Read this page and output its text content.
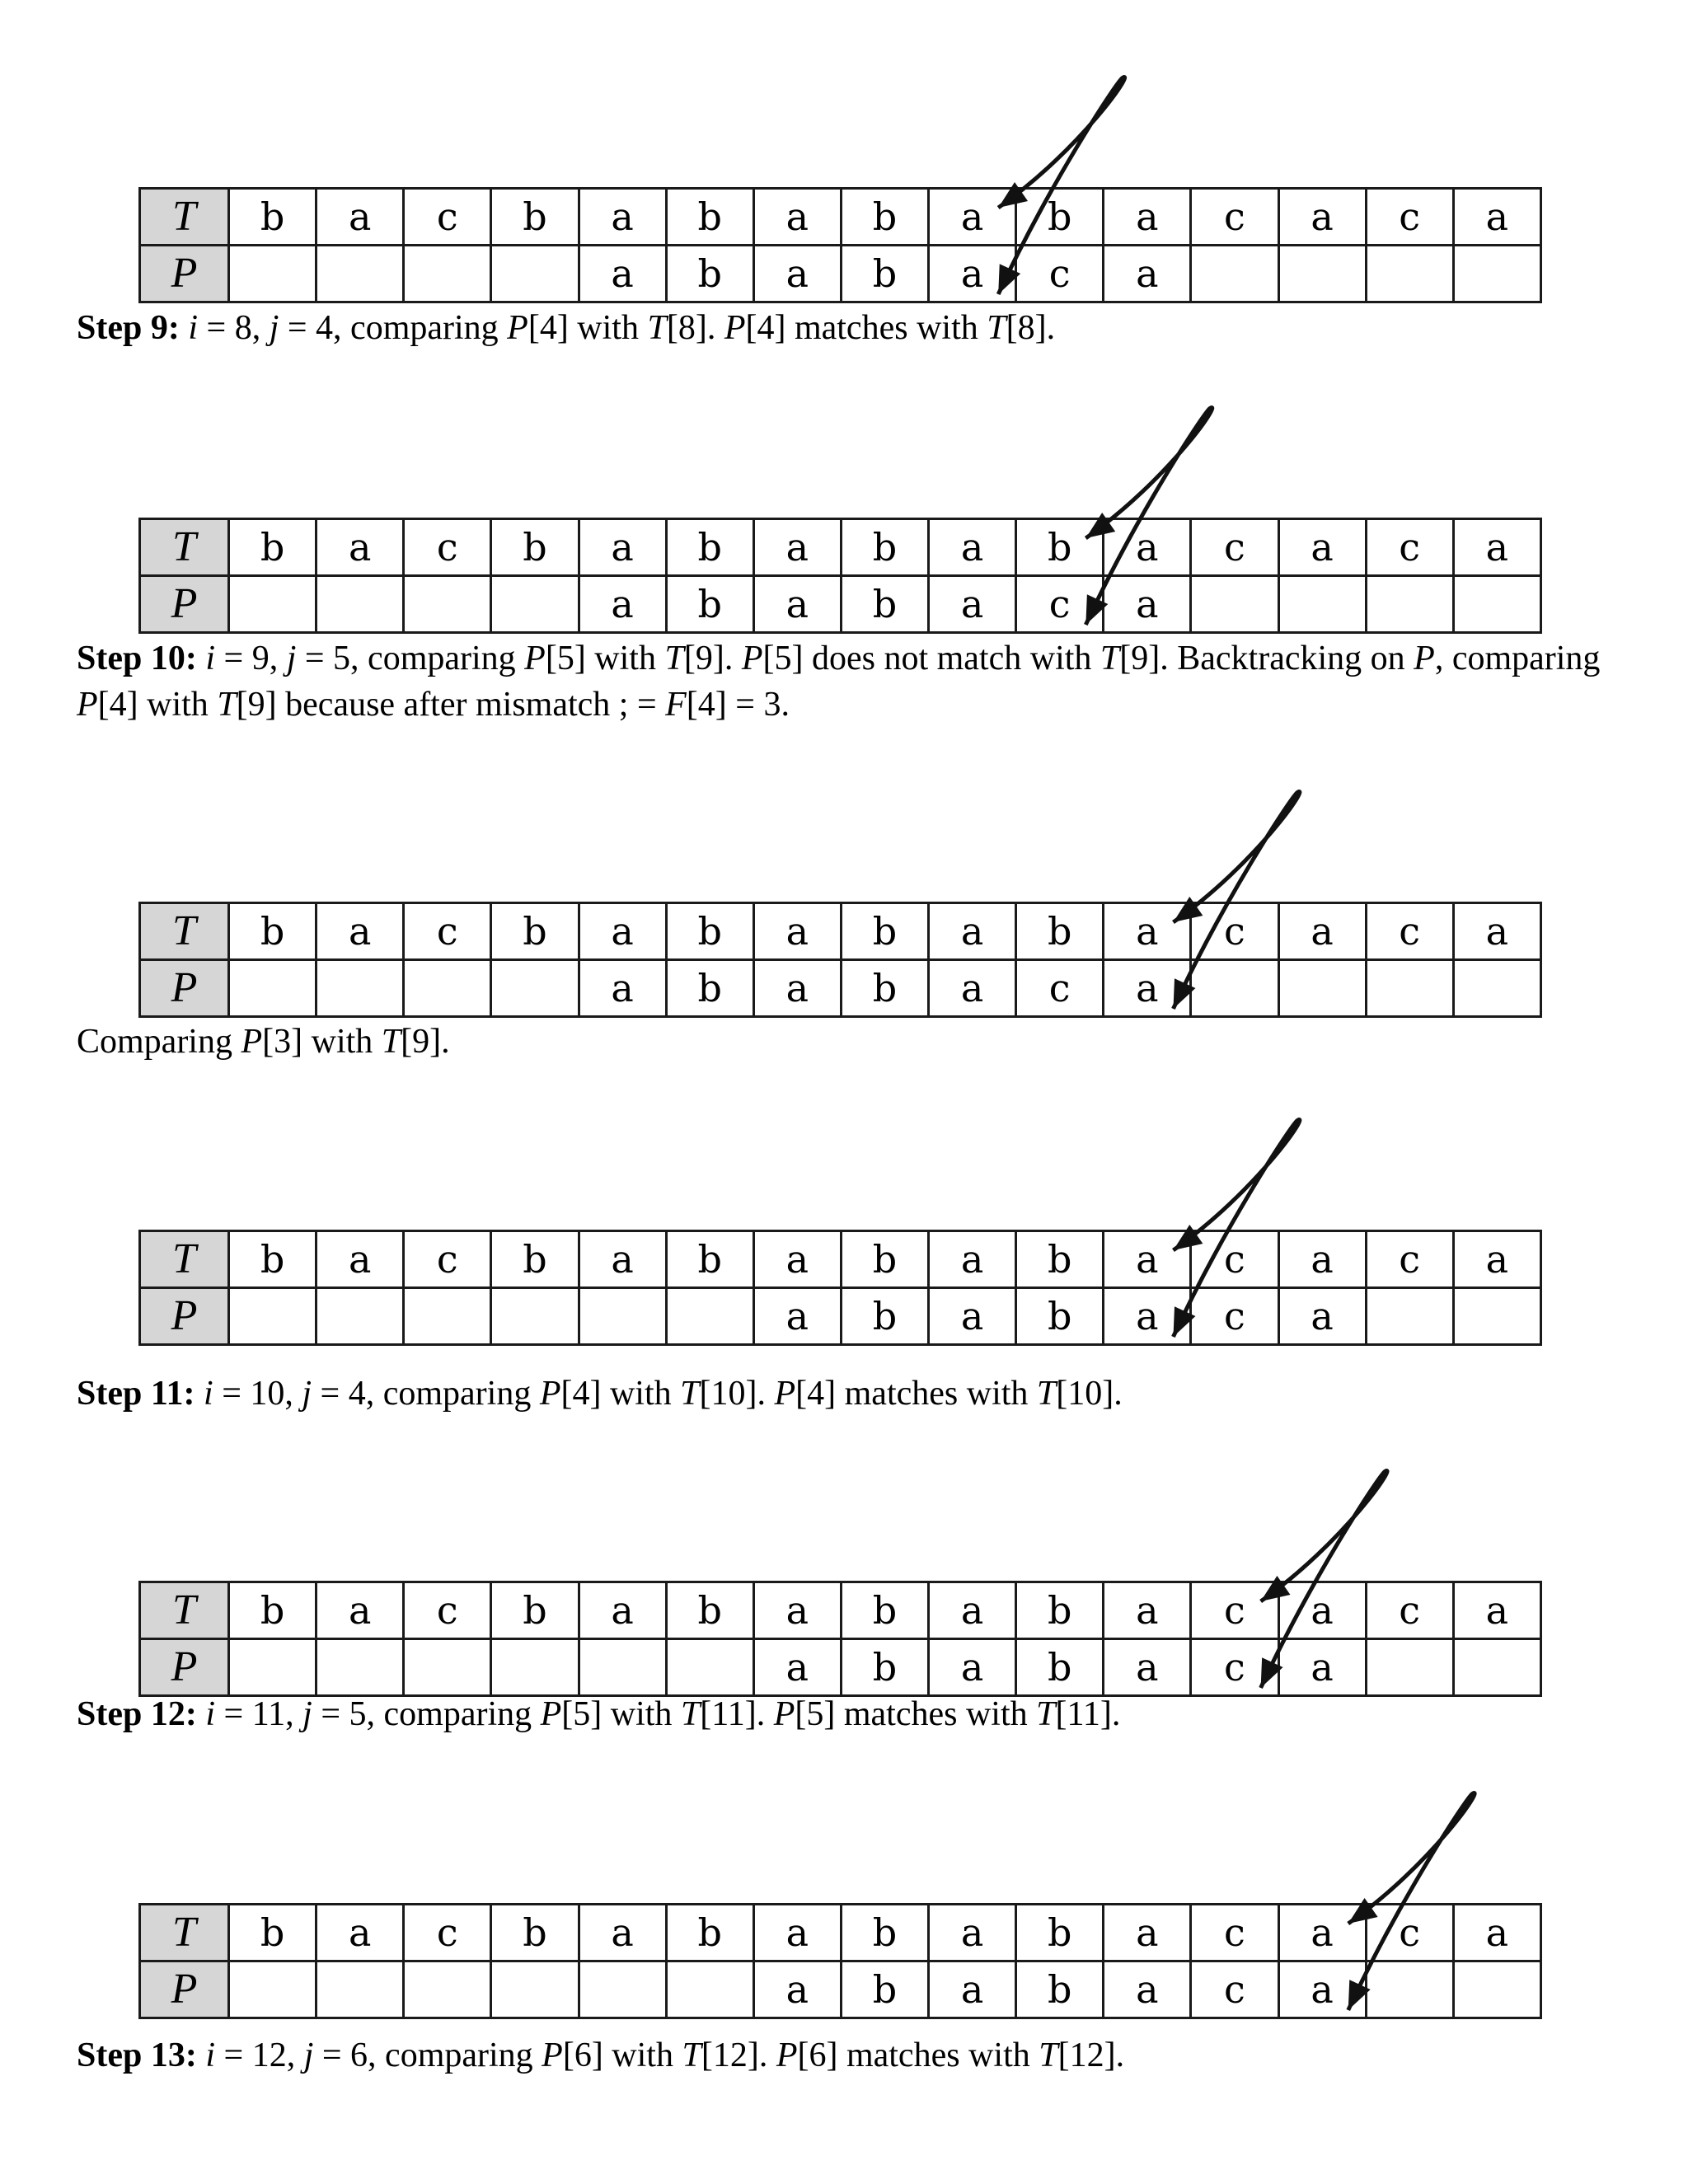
T	b	a	c	b	a	b	a	b	a	b	a	c	a	c	a
P					a	b	a	b	a	c	a				
Step 9: i = 8, j = 4, comparing P[4] with T[8]. P[4] matches with T[8].
T	b	a	c	b	a	b	a	b	a	b	a	c	a	c	a
P					a	b	a	b	a	c	a				
Step 10: i = 9, j = 5, comparing P[5] with T[9]. P[5] does not match with T[9]. Backtracking on P, comparing P[4] with T[9] because after mismatch ; = F[4] = 3.
T	b	a	c	b	a	b	a	b	a	b	a	c	a	c	a
P					a	b	a	b	a	c	a				
Comparing P[3] with T[9].
T	b	a	c	b	a	b	a	b	a	b	a	c	a	c	a
P							a	b	a	b	a	c	a		
Step 11: i = 10, j = 4, comparing P[4] with T[10]. P[4] matches with T[10].
T	b	a	c	b	a	b	a	b	a	b	a	c	a	c	a
P							a	b	a	b	a	c	a		
Step 12: i = 11, j = 5, comparing P[5] with T[11]. P[5] matches with T[11].
T	b	a	c	b	a	b	a	b	a	b	a	c	a	c	a
P							a	b	a	b	a	c	a		
Step 13: i = 12, j = 6, comparing P[6] with T[12]. P[6] matches with T[12].
